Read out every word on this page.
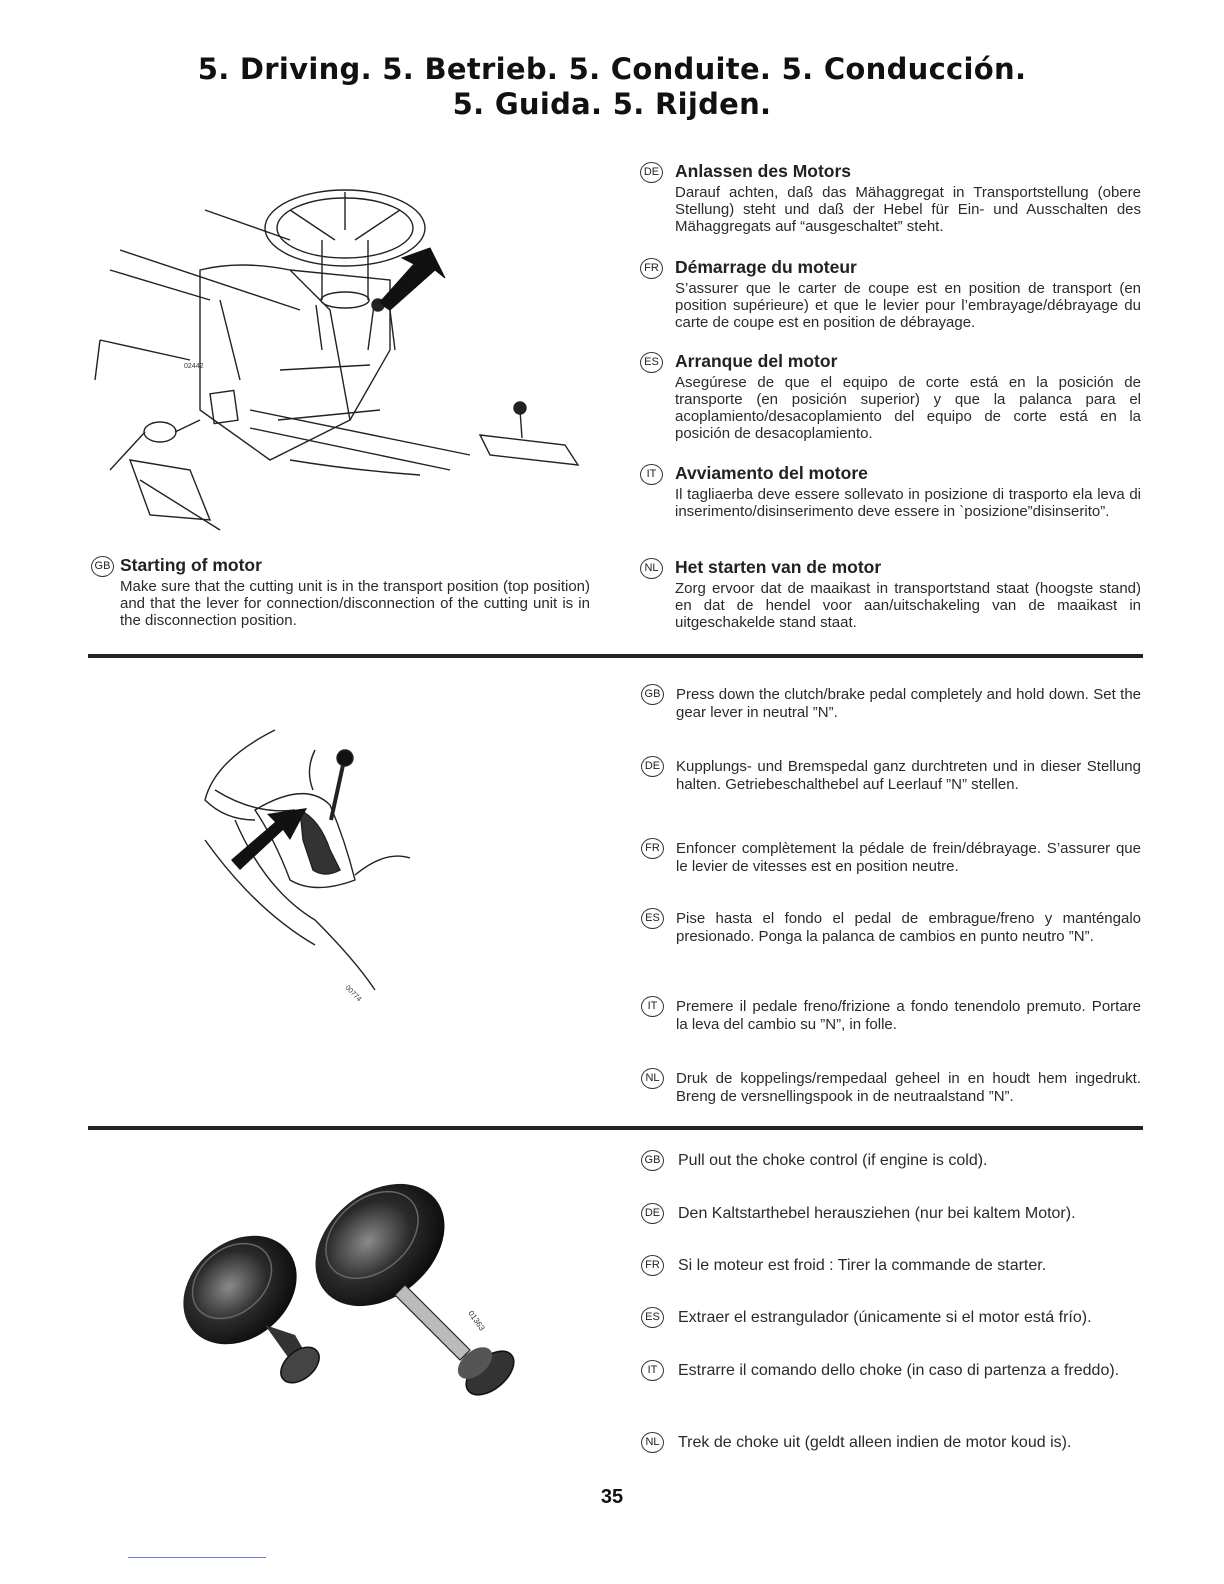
5. Driving. 5. Betrieb. 5. Conduite. 5. Conducción.
5. Guida. 5. Rijden.
02442
GB Starting of motor
Make sure that the cutting unit is in the transport position (top position) and that the lever for connection/disconnection of the cutting unit is in the disconnection position.
DE Anlassen des Motors
Darauf achten, daß das Mähaggregat in Transportstellung (obere Stellung) steht und daß der Hebel für Ein- und Ausschalten des Mähaggregats auf “ausgeschaltet” steht.
FR Démarrage du moteur
S’assurer que le carter de coupe est en position de transport (en position supérieure) et que le levier pour l’embrayage/débrayage du carte de coupe est en position de débrayage.
ES Arranque del motor
Asegúrese de que el equipo de corte está en la posición de transporte (en posición superior) y que la palanca para el acoplamiento/desacoplamiento del equipo de corte está en la posición de desacoplamiento.
IT	Avviamento del motore
Il tagliaerba deve essere sollevato in posizione di trasporto ela leva di inserimento/disinserimento deve essere in `posizione”disinserito”.
NL Het starten van de motor
Zorg ervoor dat de maaikast in transportstand staat (hoogste stand) en dat de hendel voor aan/uitschakeling van de maaikast in uitgeschakelde stand staat.
00774
GB Press down the clutch/brake pedal completely and hold down. Set the gear lever in neutral ”N”.
DE Kupplungs- und Bremspedal ganz durchtreten und in dieser Stellung halten. Getriebeschalthebel auf Leerlauf ”N” stellen.
FR Enfoncer complètement la pédale de frein/débrayage. S’assurer que le levier de vitesses est en position neutre.
ES Pise hasta el fondo el pedal de embrague/freno y manténgalo presionado. Ponga la palanca de cambios en punto neutro ”N”.
IT	Premere il pedale freno/frizione a fondo tenendolo premuto. Portare la leva del cambio su ”N”, in folle.
NL Druk de koppelings/rempedaal geheel in en houdt hem ingedrukt. Breng de versnellingspook in de neutraalstand ”N”.
01363
GB Pull out the choke control (if engine is cold).
DE Den Kaltstarthebel herausziehen (nur bei kaltem Motor).
FR Si le moteur est froid : Tirer la commande de starter.
ES Extraer el estrangulador (únicamente si el motor está frío).
IT	Estrarre il comando dello choke (in caso di partenza a freddo).
NL Trek de choke uit (geldt alleen indien de motor koud is).
35
